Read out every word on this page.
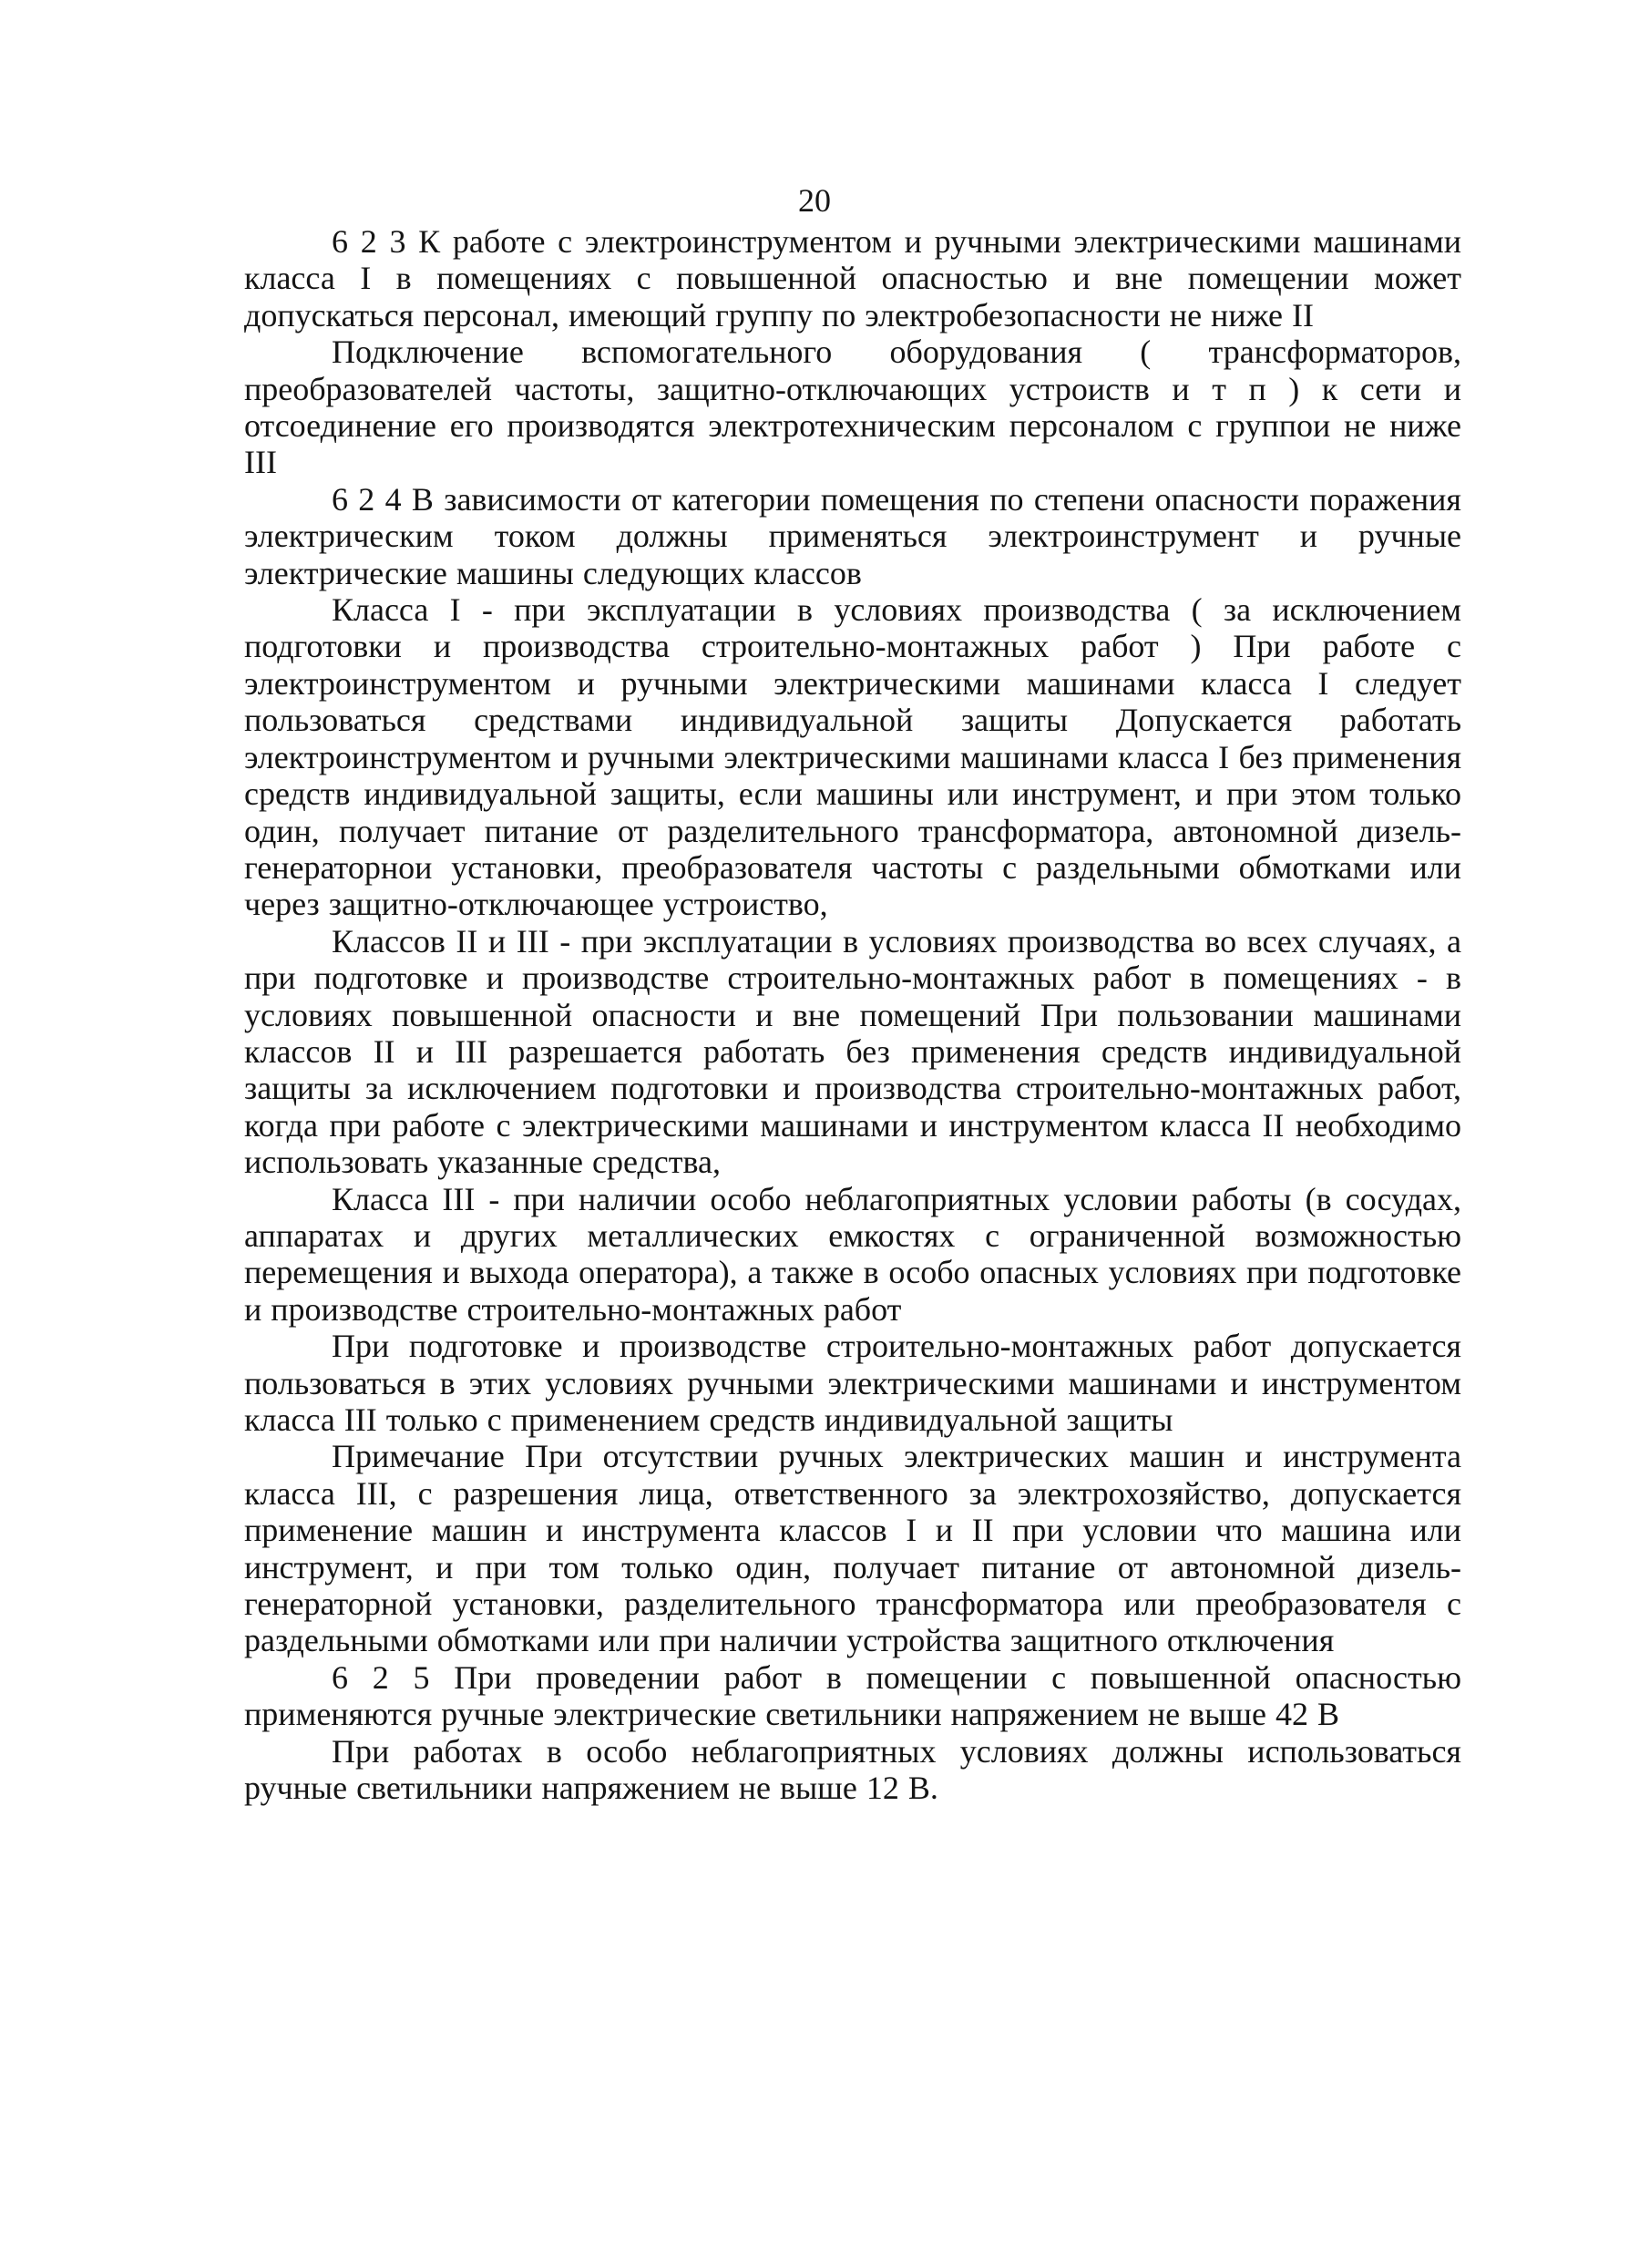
20

6 2 3 К работе с электроинструментом и ручными электрическими машинами класса I в помещениях с повышенной опасностью и вне помещении может допускаться персонал, имеющий группу по электробезопасности не ниже II

Подключение вспомогательного оборудования ( трансформаторов, преобразователей частоты, защитно-отключающих устроиств и т п ) к сети и отсоединение его производятся электротехническим персоналом с группои не ниже III

6 2 4 В зависимости от категории помещения по степени опасности поражения электрическим током должны применяться электроинструмент и ручные электрические машины следующих классов

Класса I - при эксплуатации в условиях производства ( за исключением подготовки и производства строительно-монтажных работ ) При работе с электроинструментом и ручными электрическими машинами класса I следует пользоваться средствами индивидуальной защиты Допускается работать электроинструментом и ручными электрическими машинами класса I без применения средств индивидуальной защиты, если машины или инструмент, и при этом только один, получает питание от разделительного трансформатора, автономной дизель-генераторнои установки, преобразователя частоты с раздельными обмотками или через защитно-отключающее устроиство,

Классов II и III - при эксплуатации в условиях производства во всех случаях, а при подготовке и производстве строительно-монтажных работ в помещениях - в условиях повышенной опасности и вне помещений При пользовании машинами классов II и III разрешается работать без применения средств индивидуальной защиты за исключением подготовки и производства строительно-монтажных работ, когда при работе с электрическими машинами и инструментом класса II необходимо использовать указанные средства,

Класса III - при наличии особо неблагоприятных условии работы (в сосудах, аппаратах и других металлических емкостях с ограниченной возможностью перемещения и выхода оператора), а также в особо опасных условиях при подготовке и производстве строительно-монтажных работ

При подготовке и производстве строительно-монтажных работ допускается пользоваться в этих условиях ручными электрическими машинами и инструментом класса III только с применением средств индивидуальной защиты

Примечание При отсутствии ручных электрических машин и инструмента класса III, с разрешения лица, ответственного за электрохозяйство, допускается применение машин и инструмента классов I и II при условии что машина или инструмент, и при том только один, получает питание от автономной дизель-генераторной установки, разделительного трансформатора или преобразователя с раздельными обмотками или при наличии устройства защитного отключения

6 2 5 При проведении работ в помещении с повышенной опасностью применяются ручные электрические светильники напряжением не выше 42 В

При работах в особо неблагоприятных условиях должны использоваться ручные светильники напряжением не выше 12 В.
